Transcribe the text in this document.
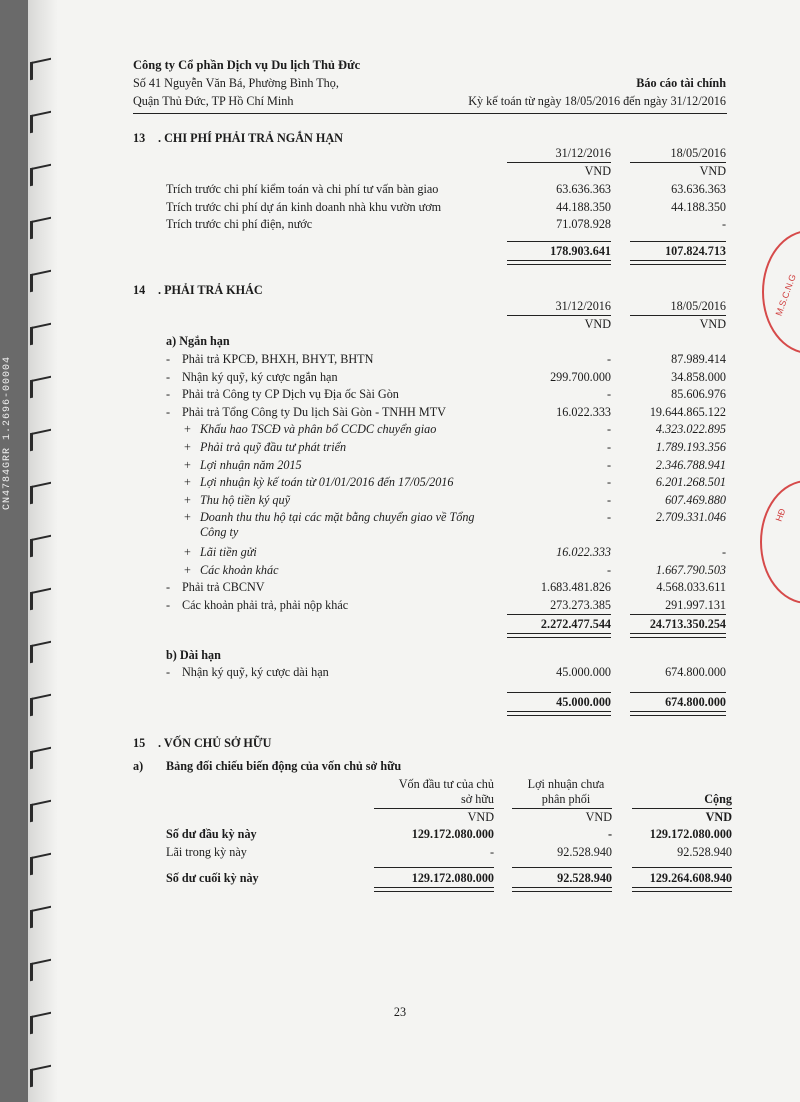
CN4784GRR 1.2696-00004
M.S.C.N.G
HĐ
Công ty Cổ phần Dịch vụ Du lịch Thủ Đức
Số 41 Nguyễn Văn Bá, Phường Bình Thọ,
Quận Thủ Đức, TP Hồ Chí Minh
Báo cáo tài chính
Kỳ kế toán từ ngày 18/05/2016 đến ngày 31/12/2016
13 . CHI PHÍ PHẢI TRẢ NGẮN HẠN
31/12/2016	18/05/2016
VND	VND
Trích trước chi phí kiểm toán và chi phí tư vấn bàn giao	63.636.363	63.636.363
Trích trước chi phí dự án kinh doanh nhà khu vườn ươm	44.188.350	44.188.350
Trích trước chi phí điện, nước	71.078.928	-
178.903.641	107.824.713
14 . PHẢI TRẢ KHÁC
31/12/2016	18/05/2016
VND	VND
a) Ngắn hạn
- Phải trả KPCĐ, BHXH, BHYT, BHTN	-	87.989.414
- Nhận ký quỹ, ký cược ngắn hạn	299.700.000	34.858.000
- Phải trả Công ty CP Dịch vụ Địa ốc Sài Gòn	-	85.606.976
- Phải trả Tổng Công ty Du lịch Sài Gòn - TNHH MTV	16.022.333	19.644.865.122
+ Khấu hao TSCĐ và phân bổ CCDC chuyển giao	-	4.323.022.895
+ Phải trả quỹ đầu tư phát triển	-	1.789.193.356
+ Lợi nhuận năm 2015	-	2.346.788.941
+ Lợi nhuận kỳ kế toán từ 01/01/2016 đến 17/05/2016	-	6.201.268.501
+ Thu hộ tiền ký quỹ	-	607.469.880
+ Doanh thu thu hộ tại các mặt bằng chuyển giao về Tổng	-	2.709.331.046
Công ty
+ Lãi tiền gửi	16.022.333	-
+ Các khoản khác	-	1.667.790.503
- Phải trả CBCNV	1.683.481.826	4.568.033.611
- Các khoản phải trả, phải nộp khác	273.273.385	291.997.131
2.272.477.544	24.713.350.254
b) Dài hạn
- Nhận ký quỹ, ký cược dài hạn	45.000.000	674.800.000
45.000.000	674.800.000
15 . VỐN CHỦ SỞ HỮU
a) Bảng đối chiếu biến động của vốn chủ sở hữu
Vốn đầu tư của chủ
sở hữu
Lợi nhuận chưa
phân phối	Cộng
VND	VND	VND
Số dư đầu kỳ này	129.172.080.000	-	129.172.080.000
Lãi trong kỳ này	-	92.528.940	92.528.940
Số dư cuối kỳ này	129.172.080.000	92.528.940	129.264.608.940
23
